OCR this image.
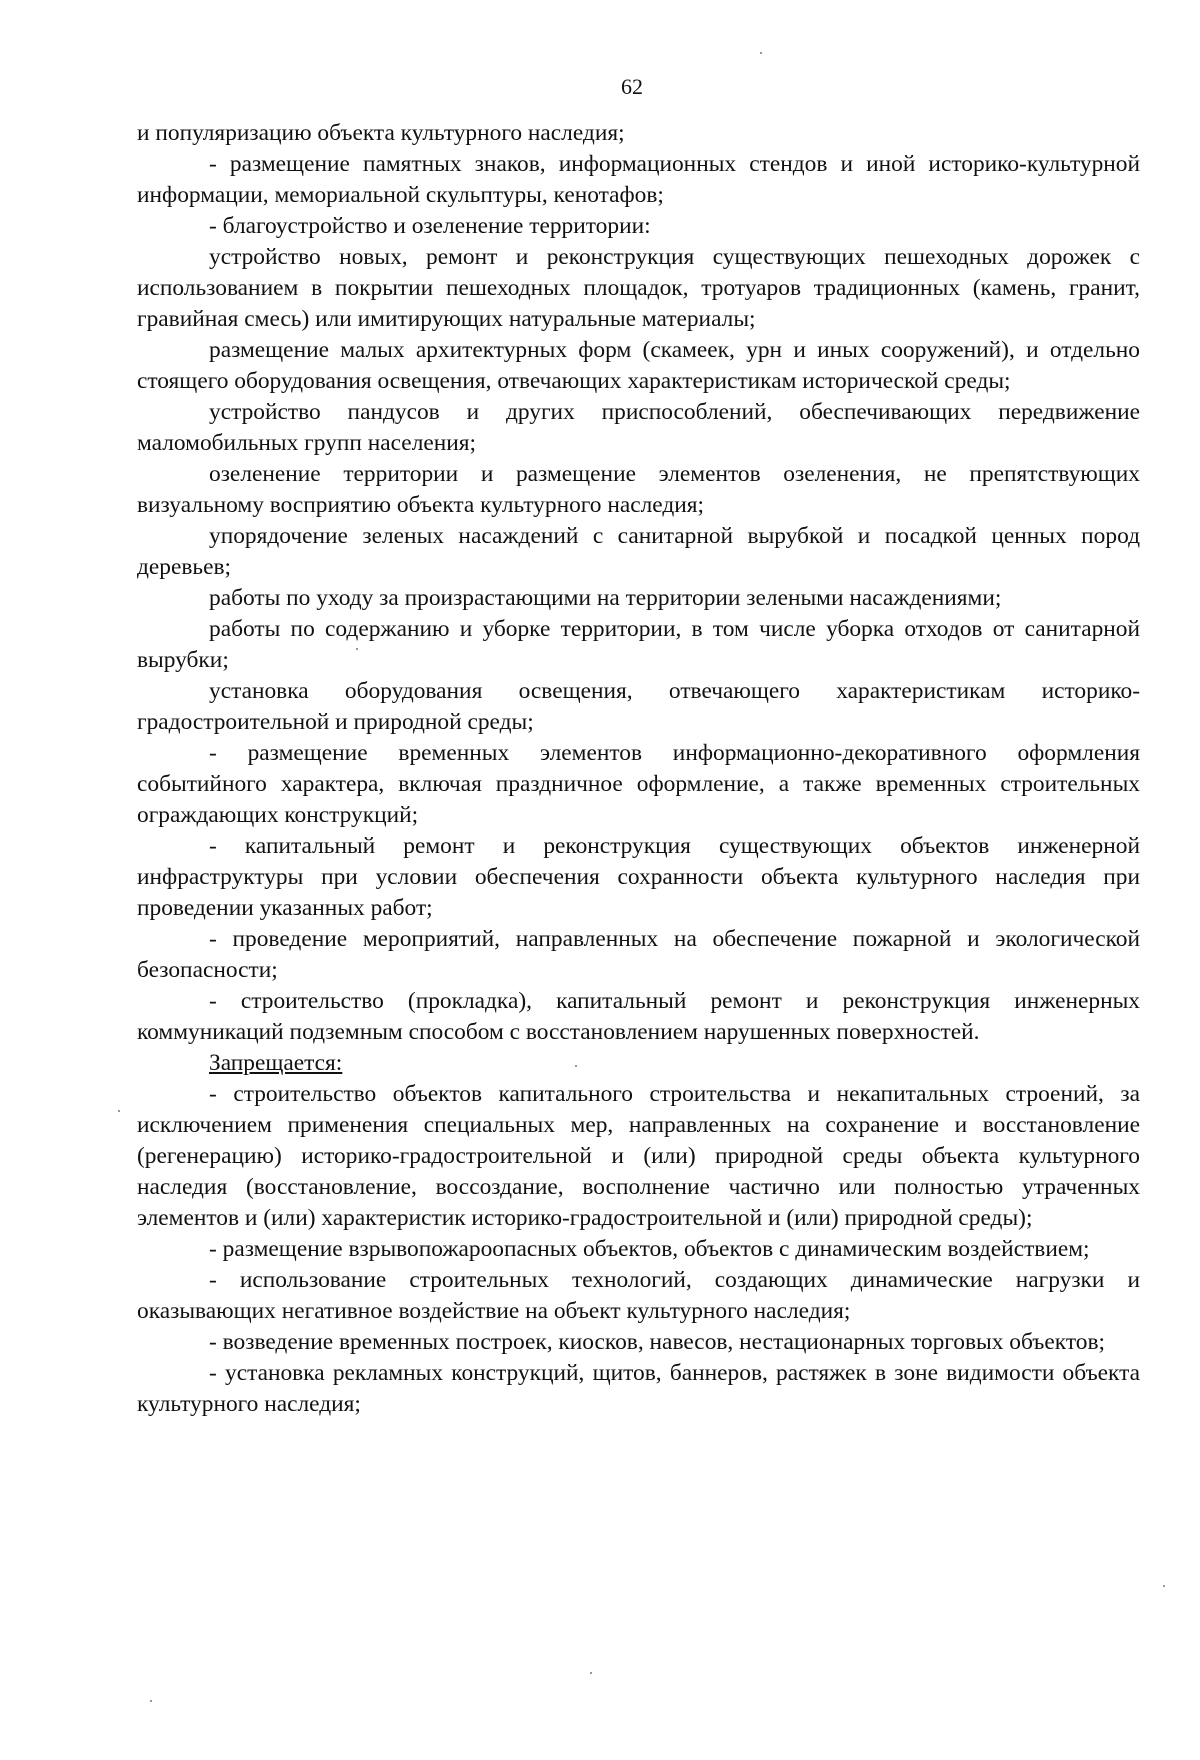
62

и популяризацию объекта культурного наследия;

- размещение памятных знаков, информационных стендов и иной историко-культурной информации, мемориальной скульптуры, кенотафов;

- благоустройство и озеленение территории:

устройство новых, ремонт и реконструкция существующих пешеходных дорожек с использованием в покрытии пешеходных площадок, тротуаров традиционных (камень, гранит, гравийная смесь) или имитирующих натуральные материалы;

размещение малых архитектурных форм (скамеек, урн и иных сооружений), и отдельно стоящего оборудования освещения, отвечающих характеристикам исторической среды;

устройство пандусов и других приспособлений, обеспечивающих передвижение маломобильных групп населения;

озеленение территории и размещение элементов озеленения, не препятствующих визуальному восприятию объекта культурного наследия;

упорядочение зеленых насаждений с санитарной вырубкой и посадкой ценных пород деревьев;

работы по уходу за произрастающими на территории зелеными насаждениями;

работы по содержанию и уборке территории, в том числе уборка отходов от санитарной вырубки;

установка оборудования освещения, отвечающего характеристикам историко-градостроительной и природной среды;

- размещение временных элементов информационно-декоративного оформления событийного характера, включая праздничное оформление, а также временных строительных ограждающих конструкций;

- капитальный ремонт и реконструкция существующих объектов инженерной инфраструктуры при условии обеспечения сохранности объекта культурного наследия при проведении указанных работ;

- проведение мероприятий, направленных на обеспечение пожарной и экологической безопасности;

- строительство (прокладка), капитальный ремонт и реконструкция инженерных коммуникаций подземным способом с восстановлением нарушенных поверхностей.

Запрещается:

- строительство объектов капитального строительства и некапитальных строений, за исключением применения специальных мер, направленных на сохранение и восстановление (регенерацию) историко-градостроительной и (или) природной среды объекта культурного наследия (восстановление, воссоздание, восполнение частично или полностью утраченных элементов и (или) характеристик историко-градостроительной и (или) природной среды);

- размещение взрывопожароопасных объектов, объектов с динамическим воздействием;

- использование строительных технологий, создающих динамические нагрузки и оказывающих негативное воздействие на объект культурного наследия;

- возведение временных построек, киосков, навесов, нестационарных торговых объектов;

- установка рекламных конструкций, щитов, баннеров, растяжек в зоне видимости объекта культурного наследия;
